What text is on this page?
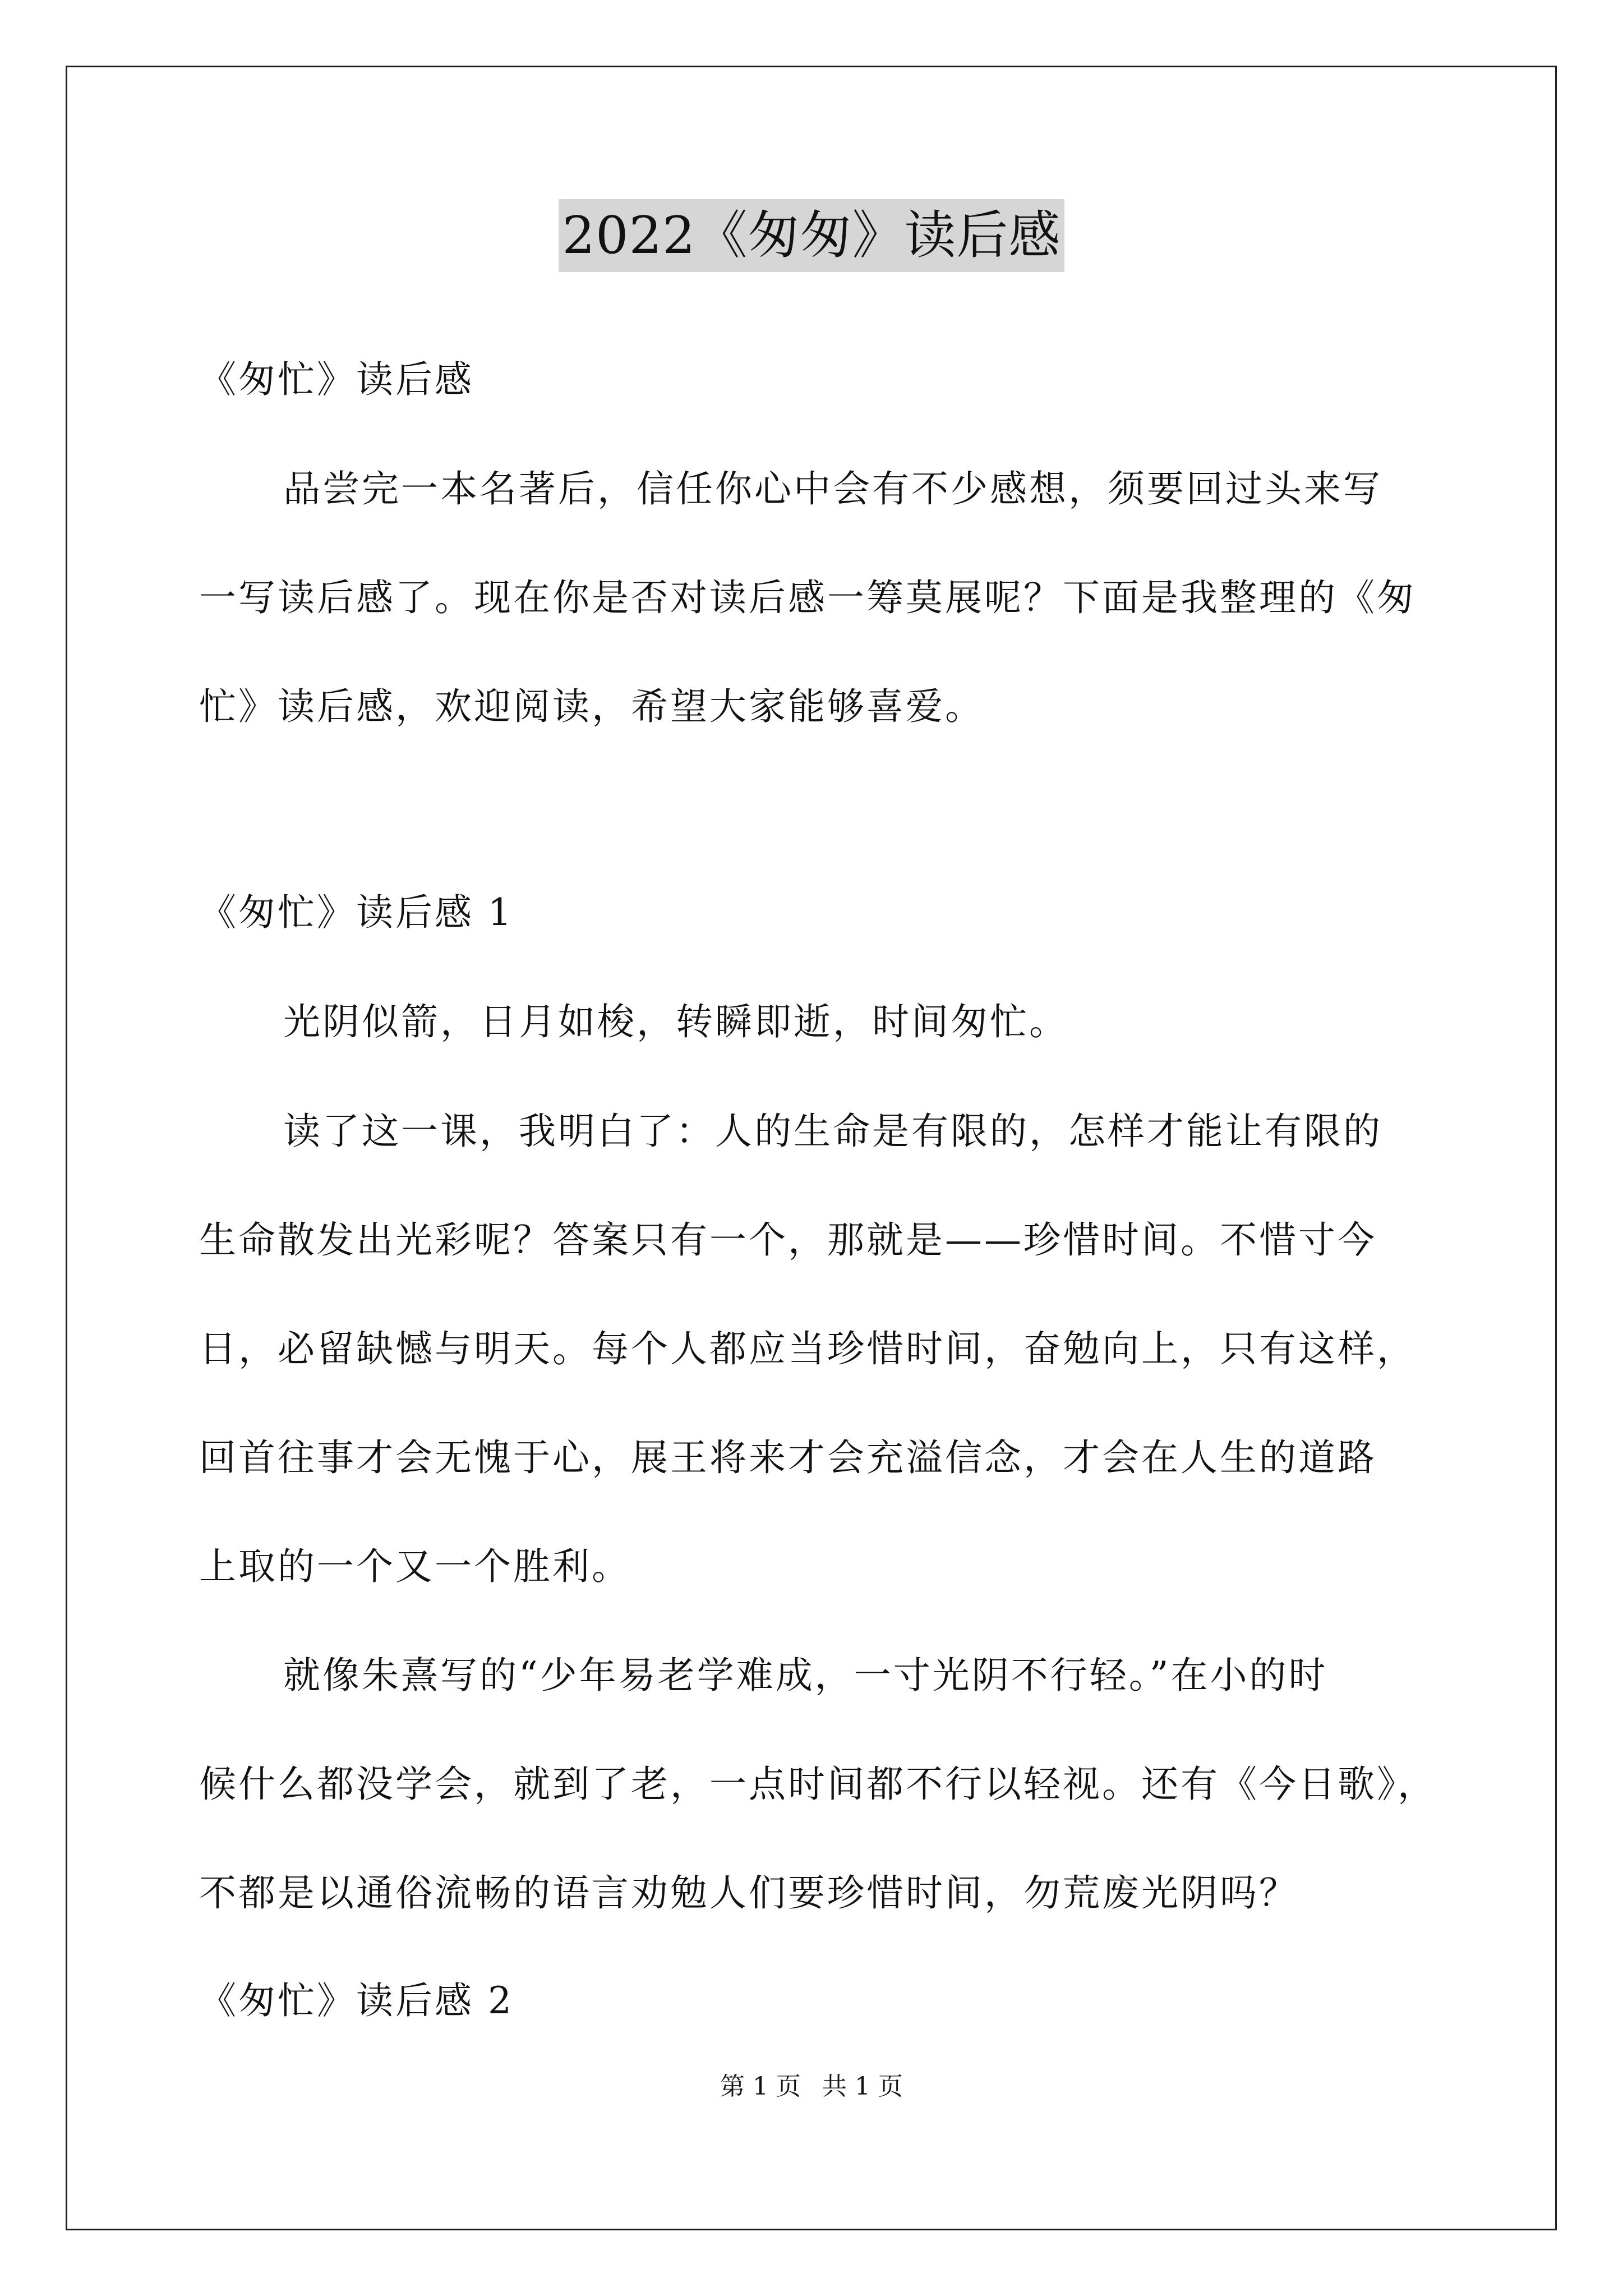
2022《匆匆》读后感
《匆忙》读后感
品尝完一本名著后，信任你心中会有不少感想，须要回过头来写
一写读后感了。现在你是否对读后感一筹莫展呢？下面是我整理的《匆
忙》读后感，欢迎阅读，希望大家能够喜爱。
《匆忙》读后感 1
光阴似箭，日月如梭，转瞬即逝，时间匆忙。
读了这一课，我明白了：人的生命是有限的，怎样才能让有限的
生命散发出光彩呢？答案只有一个，那就是——珍惜时间。不惜寸今
日，必留缺憾与明天。每个人都应当珍惜时间，奋勉向上，只有这样，
回首往事才会无愧于心，展王将来才会充溢信念，才会在人生的道路
上取的一个又一个胜利。
就像朱熹写的“少年易老学难成，一寸光阴不行轻。”在小的时
候什么都没学会，就到了老，一点时间都不行以轻视。还有《今日歌》，
不都是以通俗流畅的语言劝勉人们要珍惜时间，勿荒废光阴吗？
《匆忙》读后感 2
第 1 页 共 1 页
